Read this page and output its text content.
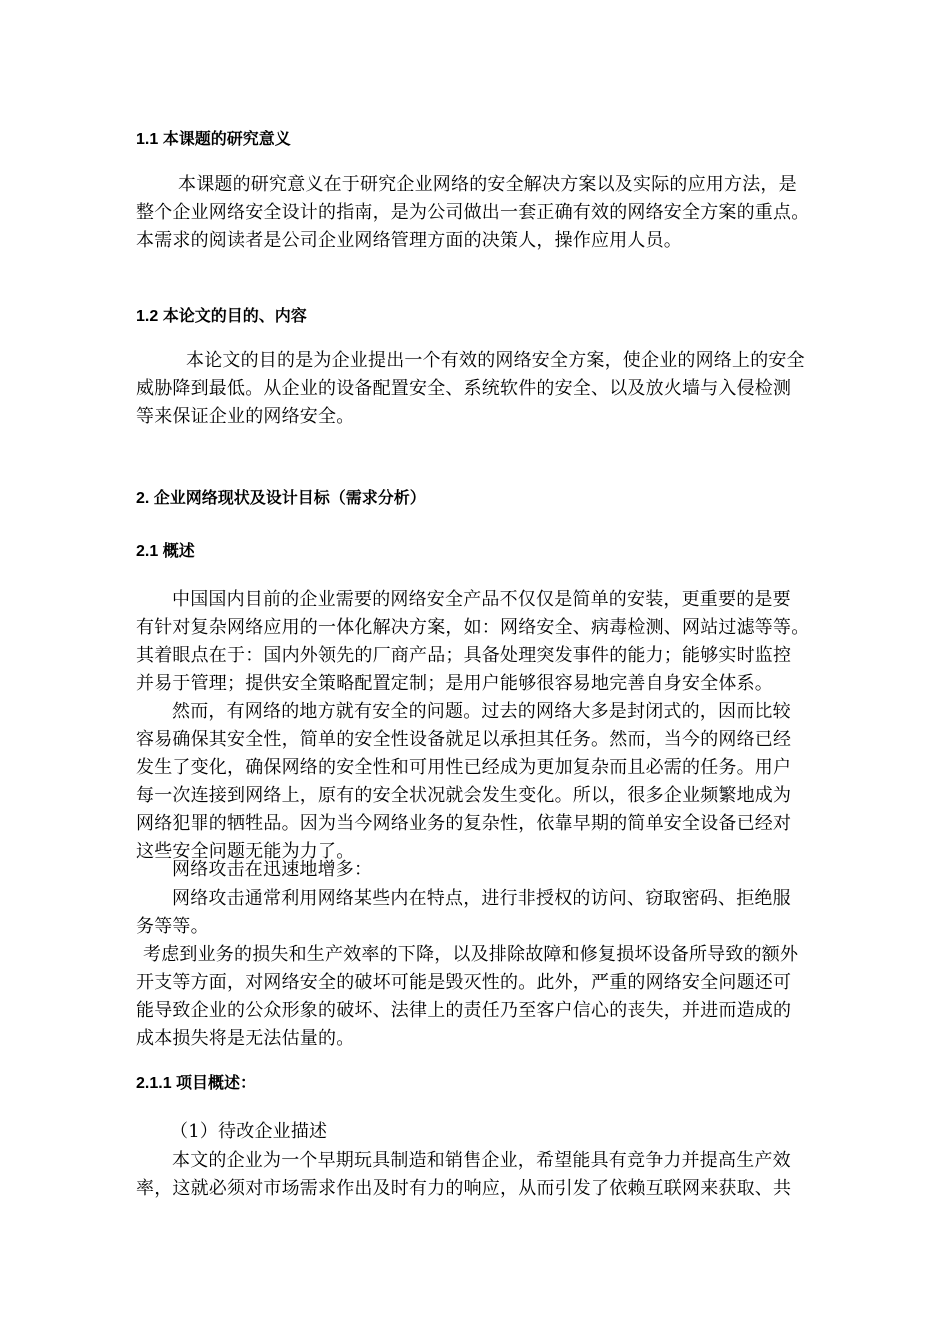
1.1 本课题的研究意义
本课题的研究意义在于研究企业网络的安全解决方案以及实际的应用方法，是
整个企业网络安全设计的指南，是为公司做出一套正确有效的网络安全方案的重点。
本需求的阅读者是公司企业网络管理方面的决策人，操作应用人员。
1.2 本论文的目的、内容
本论文的目的是为企业提出一个有效的网络安全方案，使企业的网络上的安全
威胁降到最低。从企业的设备配置安全、系统软件的安全、以及放火墙与入侵检测
等来保证企业的网络安全。
2. 企业网络现状及设计目标（需求分析）
2.1 概述
中国国内目前的企业需要的网络安全产品不仅仅是简单的安装，更重要的是要
有针对复杂网络应用的一体化解决方案，如：网络安全、病毒检测、网站过滤等等。
其着眼点在于：国内外领先的厂商产品；具备处理突发事件的能力；能够实时监控
并易于管理；提供安全策略配置定制；是用户能够很容易地完善自身安全体系。
然而，有网络的地方就有安全的问题。过去的网络大多是封闭式的，因而比较
容易确保其安全性，简单的安全性设备就足以承担其任务。然而，当今的网络已经
发生了变化，确保网络的安全性和可用性已经成为更加复杂而且必需的任务。用户
每一次连接到网络上，原有的安全状况就会发生变化。所以，很多企业频繁地成为
网络犯罪的牺牲品。因为当今网络业务的复杂性，依靠早期的简单安全设备已经对
这些安全问题无能为力了。
网络攻击在迅速地增多：
网络攻击通常利用网络某些内在特点，进行非授权的访问、窃取密码、拒绝服
务等等。
考虑到业务的损失和生产效率的下降，以及排除故障和修复损坏设备所导致的额外
开支等方面，对网络安全的破坏可能是毁灭性的。此外，严重的网络安全问题还可
能导致企业的公众形象的破坏、法律上的责任乃至客户信心的丧失，并进而造成的
成本损失将是无法估量的。
2.1.1 项目概述：
（1）待改企业描述
本文的企业为一个早期玩具制造和销售企业，希望能具有竞争力并提高生产效
率，这就必须对市场需求作出及时有力的响应，从而引发了依赖互联网来获取、共
